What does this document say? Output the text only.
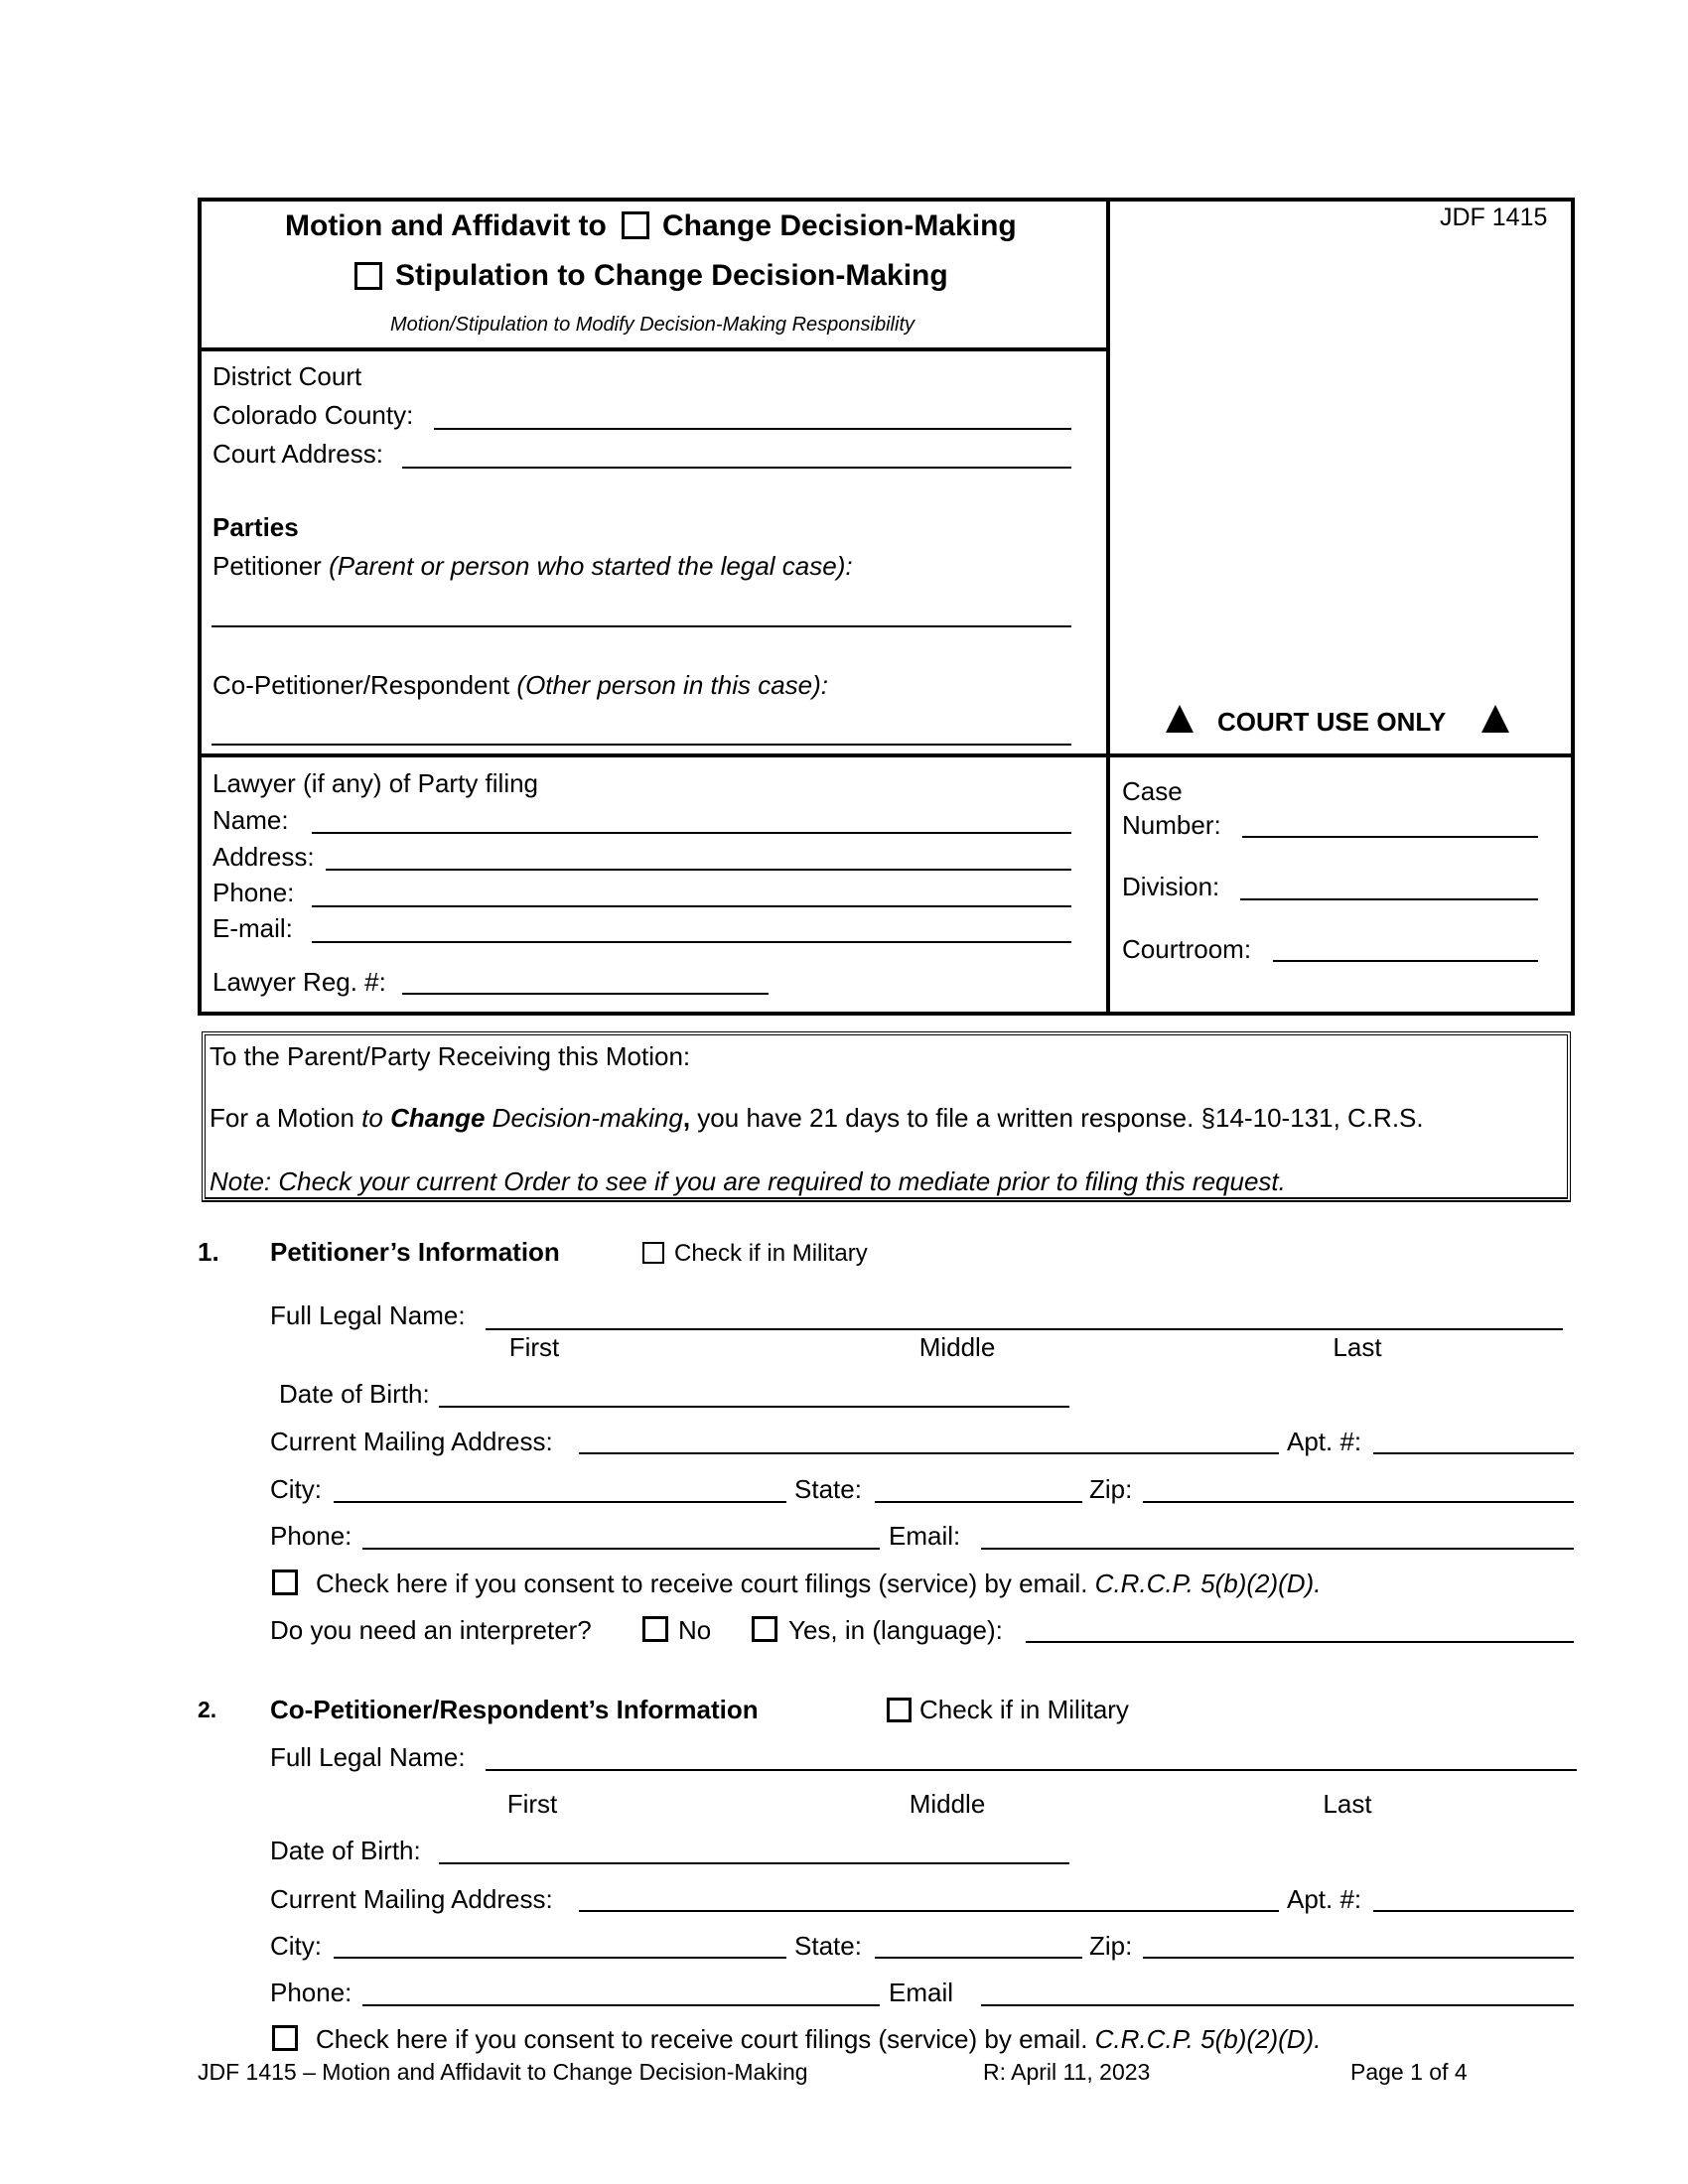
Motion and Affidavit to Change Decision-Making
Stipulation to Change Decision-Making
Motion/Stipulation to Modify Decision-Making Responsibility
JDF 1415
District Court
Colorado County:
Court Address:
Parties
Petitioner (Parent or person who started the legal case):
Co-Petitioner/Respondent (Other person in this case):
COURT USE ONLY
Lawyer (if any) of Party filing
Name:
Address:
Phone:
E-mail:
Lawyer Reg. #:
Case
Number:
Division:
Courtroom:
To the Parent/Party Receiving this Motion:
For a Motion to Change Decision-making, you have 21 days to file a written response. §14-10-131, C.R.S.
Note: Check your current Order to see if you are required to mediate prior to filing this request.
1. Petitioner’s Information	Check if in Military
Full Legal Name:
First	Middle	Last
Date of Birth:
Current Mailing Address:	Apt. #:
City:	State:	Zip:
Phone:	Email:
Check here if you consent to receive court filings (service) by email. C.R.C.P. 5(b)(2)(D).
Do you need an interpreter?	No	Yes, in (language):
2. Co-Petitioner/Respondent’s Information	Check if in Military
Full Legal Name:
First	Middle	Last
Date of Birth:
Current Mailing Address:	Apt. #:
City:	State:	Zip:
Phone:	Email
Check here if you consent to receive court filings (service) by email. C.R.C.P. 5(b)(2)(D).
JDF 1415 – Motion and Affidavit to Change Decision-Making	R: April 11, 2023	Page 1 of 4
